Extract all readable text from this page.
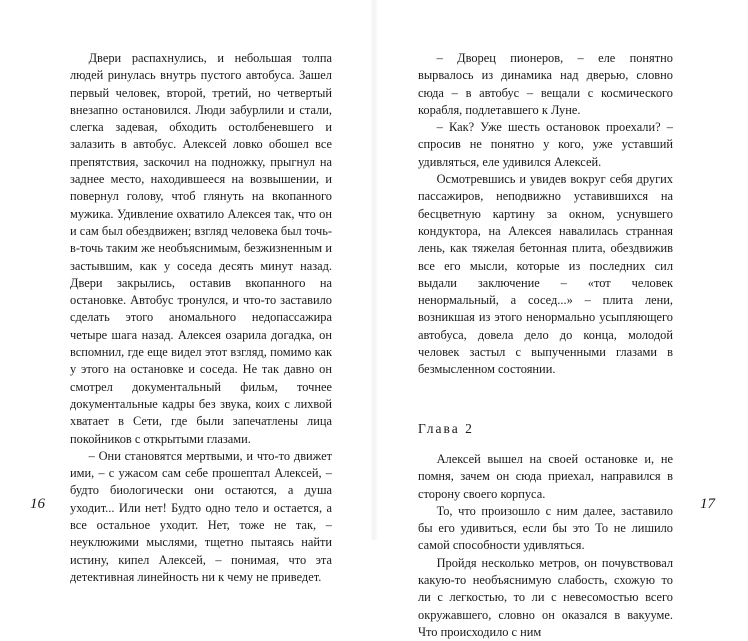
Двери распахнулись, и небольшая толпа людей ринулась внутрь пустого автобуса. Зашел первый человек, второй, третий, но четвертый внезапно остановился. Люди забурлили и стали, слегка задевая, обходить остолбеневшего и залазить в автобус. Алексей ловко обошел все препятствия, заскочил на подножку, прыгнул на заднее место, находившееся на возвышении, и повернул голову, чтоб глянуть на вкопанного мужика. Удивление охватило Алексея так, что он и сам был обездвижен; взгляд человека был точь-в-точь таким же необъяснимым, безжизненным и застывшим, как у соседа десять минут назад. Двери закрылись, оставив вкопанного на остановке. Автобус тронулся, и что-то заставило сделать этого аномального недопассажира четыре шага назад. Алексея озарила догадка, он вспомнил, где еще видел этот взгляд, помимо как у этого на остановке и соседа. Не так давно он смотрел документальный фильм, точнее документальные кадры без звука, коих с лихвой хватает в Сети, где были запечатлены лица покойников с открытыми глазами.

– Они становятся мертвыми, и что-то движет ими, – с ужасом сам себе прошептал Алексей, – будто биологически они остаются, а душа уходит... Или нет! Будто одно тело и остается, а все остальное уходит. Нет, тоже не так, – неуклюжими мыслями, тщетно пытаясь найти истину, кипел Алексей, – понимая, что эта детективная линейность ни к чему не приведет.

16

– Дворец пионеров, – еле понятно вырвалось из динамика над дверью, словно сюда – в автобус – вещали с космического корабля, подлетавшего к Луне.

– Как? Уже шесть остановок проехали? – спросив не понятно у кого, уже уставший удивляться, еле удивился Алексей.

Осмотревшись и увидев вокруг себя других пассажиров, неподвижно уставившихся на бесцветную картину за окном, уснувшего кондуктора, на Алексея навалилась странная лень, как тяжелая бетонная плита, обездвижив все его мысли, которые из последних сил выдали заключение – «тот человек ненормальный, а сосед...» – плита лени, возникшая из этого ненормально усыпляющего автобуса, довела дело до конца, молодой человек застыл с выпученными глазами в безмысленном состоянии.

Глава 2

Алексей вышел на своей остановке и, не помня, зачем он сюда приехал, направился в сторону своего корпуса.

То, что произошло с ним далее, заставило бы его удивиться, если бы это То не лишило самой способности удивляться.

Пройдя несколько метров, он почувствовал какую-то необъяснимую слабость, схожую то ли с легкостью, то ли с невесомостью всего окружавшего, словно он оказался в вакууме. Что происходило с ним

17
